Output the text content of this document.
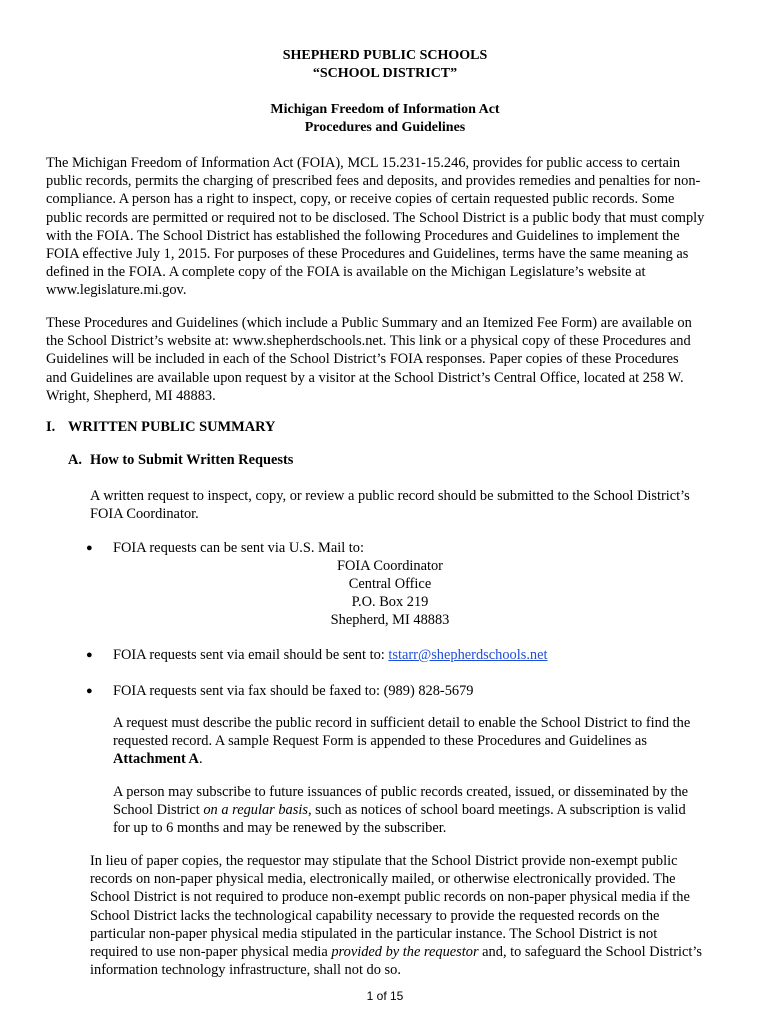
SHEPHERD PUBLIC SCHOOLS
“SCHOOL DISTRICT”
Michigan Freedom of Information Act
Procedures and Guidelines
The Michigan Freedom of Information Act (FOIA), MCL 15.231-15.246, provides for public access to certain
public records, permits the charging of prescribed fees and deposits, and provides remedies and penalties for non-
compliance. A person has a right to inspect, copy, or receive copies of certain requested public records. Some
public records are permitted or required not to be disclosed. The School District is a public body that must comply
with the FOIA. The School District has established the following Procedures and Guidelines to implement the
FOIA effective July 1, 2015. For purposes of these Procedures and Guidelines, terms have the same meaning as
defined in the FOIA. A complete copy of the FOIA is available on the Michigan Legislature’s website at
www.legislature.mi.gov.
These Procedures and Guidelines (which include a Public Summary and an Itemized Fee Form) are available on
the School District’s website at: www.shepherdschools.net. This link or a physical copy of these Procedures and
Guidelines will be included in each of the School District’s FOIA responses. Paper copies of these Procedures
and Guidelines are available upon request by a visitor at the School District’s Central Office, located at 258 W.
Wright, Shepherd, MI 48883.
I. WRITTEN PUBLIC SUMMARY
A. How to Submit Written Requests
A written request to inspect, copy, or review a public record should be submitted to the School District’s
FOIA Coordinator.
●	FOIA requests can be sent via U.S. Mail to:
FOIA Coordinator
Central Office
P.O. Box 219
Shepherd, MI 48883
●	FOIA requests sent via email should be sent to: tstarr@shepherdschools.net
●	FOIA requests sent via fax should be faxed to: (989) 828-5679
A request must describe the public record in sufficient detail to enable the School District to find the
requested record. A sample Request Form is appended to these Procedures and Guidelines as
Attachment A.
A person may subscribe to future issuances of public records created, issued, or disseminated by the
School District on a regular basis, such as notices of school board meetings. A subscription is valid
for up to 6 months and may be renewed by the subscriber.
In lieu of paper copies, the requestor may stipulate that the School District provide non-exempt public
records on non-paper physical media, electronically mailed, or otherwise electronically provided. The
School District is not required to produce non-exempt public records on non-paper physical media if the
School District lacks the technological capability necessary to provide the requested records on the
particular non-paper physical media stipulated in the particular instance. The School District is not
required to use non-paper physical media provided by the requestor and, to safeguard the School District’s
information technology infrastructure, shall not do so.
1 of 15
